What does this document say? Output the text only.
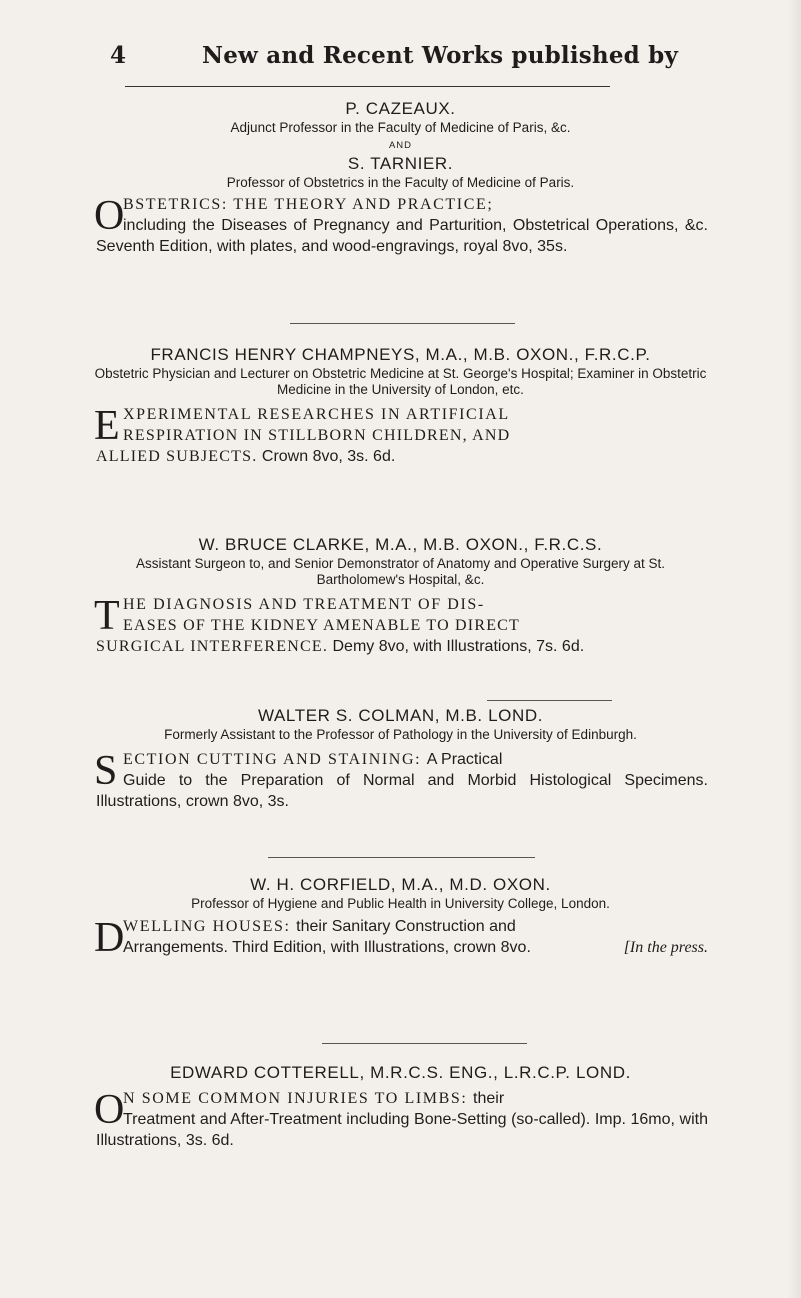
4	New and Recent Works published by

P. CAZEAUX.

Adjunct Professor in the Faculty of Medicine of Paris, &c.

AND

S. TARNIER.

Professor of Obstetrics in the Faculty of Medicine of Paris.

O
BSTETRICS: THE THEORY AND PRACTICE;
including the Diseases of Pregnancy and Parturition, Obstetrical Operations, &c. Seventh Edition, with plates, and wood-engravings, royal 8vo, 35s.

FRANCIS HENRY CHAMPNEYS, M.A., M.B. OXON., F.R.C.P.

Obstetric Physician and Lecturer on Obstetric Medicine at St. George's Hospital; Examiner in Obstetric Medicine in the University of London, etc.

E XPERIMENTAL RESEARCHES IN ARTIFICIAL
RESPIRATION IN STILLBORN CHILDREN, AND
ALLIED SUBJECTS. Crown 8vo, 3s. 6d.

W. BRUCE CLARKE, M.A., M.B. OXON., F.R.C.S.

Assistant Surgeon to, and Senior Demonstrator of Anatomy and Operative Surgery at St. Bartholomew's Hospital, &c.

T HE DIAGNOSIS AND TREATMENT OF DIS-
EASES OF THE KIDNEY AMENABLE TO DIRECT
SURGICAL INTERFERENCE. Demy 8vo, with Illustrations, 7s. 6d.

WALTER S. COLMAN, M.B. LOND.

Formerly Assistant to the Professor of Pathology in the University of Edinburgh.

S ECTION CUTTING AND STAINING: A Practical
Guide to the Preparation of Normal and Morbid Histological Specimens. Illustrations, crown 8vo, 3s.

W. H. CORFIELD, M.A., M.D. OXON.

Professor of Hygiene and Public Health in University College, London.

D
WELLING HOUSES: their Sanitary Construction and
Arrangements. Third Edition, with Illustrations, crown 8vo.	[In the press.

EDWARD COTTERELL, M.R.C.S. ENG., L.R.C.P. LOND.

O
N SOME COMMON INJURIES TO LIMBS: their
Treatment and After-Treatment including Bone-Setting (so-called). Imp. 16mo, with Illustrations, 3s. 6d.
